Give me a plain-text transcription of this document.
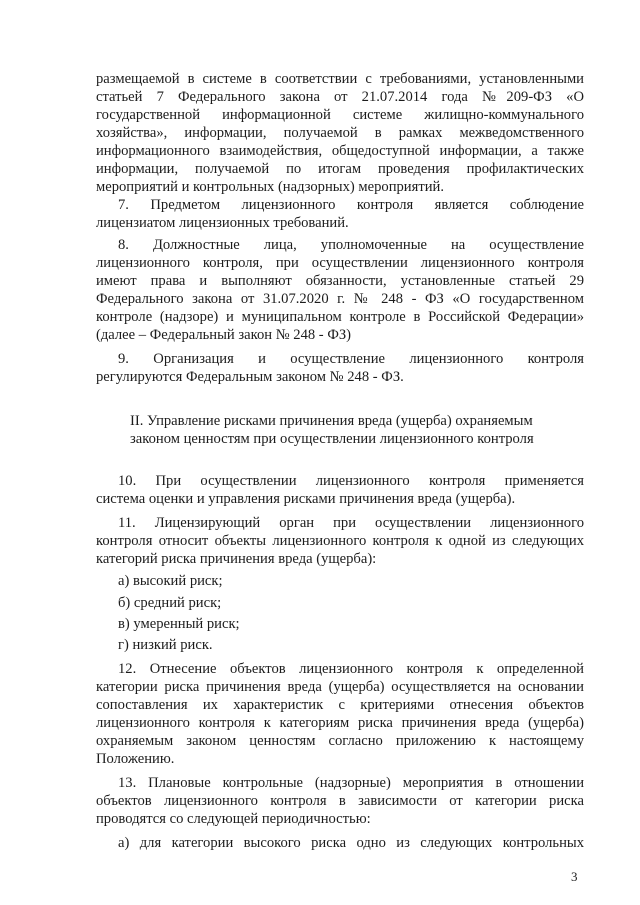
размещаемой в системе в соответствии с требованиями, установленными
статьей 7 Федерального закона от 21.07.2014 года №209-ФЗ «О
государственной информационной системе жилищно-коммунального
хозяйства», информации, получаемой в рамках межведомственного
информационного взаимодействия, общедоступной информации, а также
информации, получаемой по итогам проведения профилактических
мероприятий и контрольных (надзорных) мероприятий.
7. Предметом лицензионного контроля является соблюдение
лицензиатом лицензионных требований.
8. Должностные лица, уполномоченные на осуществление
лицензионного контроля, при осуществлении лицензионного контроля
имеют права и выполняют обязанности, установленные статьей 29
Федерального закона от 31.07.2020 г. № 248 - ФЗ «О государственном
контроле (надзоре) и муниципальном контроле в Российской Федерации»
(далее – Федеральный закон № 248 - ФЗ)
9. Организация и осуществление лицензионного контроля
регулируются Федеральным законом № 248 - ФЗ.
II. Управление рисками причинения вреда (ущерба) охраняемым
законом ценностям при осуществлении лицензионного контроля
10. При осуществлении лицензионного контроля применяется
система оценки и управления рисками причинения вреда (ущерба).
11. Лицензирующий орган при осуществлении лицензионного
контроля относит объекты лицензионного контроля к одной из следующих
категорий риска причинения вреда (ущерба):
а) высокий риск;
б) средний риск;
в) умеренный риск;
г) низкий риск.
12. Отнесение объектов лицензионного контроля к определенной
категории риска причинения вреда (ущерба) осуществляется на основании
сопоставления их характеристик с критериями отнесения объектов
лицензионного контроля к категориям риска причинения вреда (ущерба)
охраняемым законом ценностям согласно приложению к настоящему
Положению.
13. Плановые контрольные (надзорные) мероприятия в отношении
объектов лицензионного контроля в зависимости от категории риска
проводятся со следующей периодичностью:
а) для категории высокого риска одно из следующих контрольных
3
